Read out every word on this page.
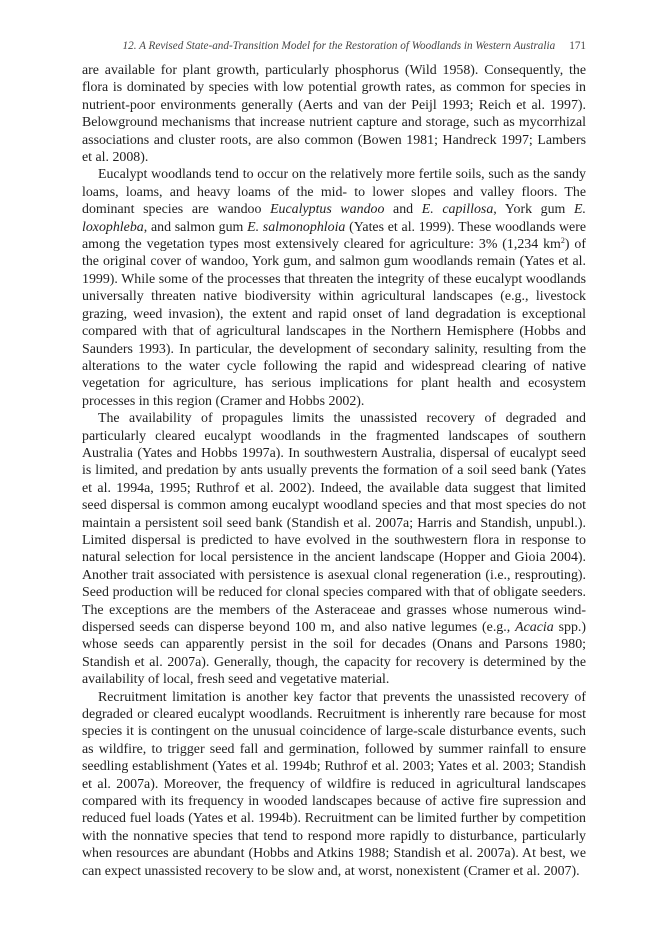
12. A Revised State-and-Transition Model for the Restoration of Woodlands in Western Australia 171

are available for plant growth, particularly phosphorus (Wild 1958). Consequently, the flora is dominated by species with low potential growth rates, as common for species in nutrient-poor environments generally (Aerts and van der Peijl 1993; Reich et al. 1997). Belowground mechanisms that increase nutrient capture and storage, such as mycorrhizal associations and cluster roots, are also common (Bowen 1981; Handreck 1997; Lambers et al. 2008).

Eucalypt woodlands tend to occur on the relatively more fertile soils, such as the sandy loams, loams, and heavy loams of the mid- to lower slopes and valley floors. The dominant species are wandoo Eucalyptus wandoo and E. capillosa, York gum E. loxophleba, and salmon gum E. salmonophloia (Yates et al. 1999). These woodlands were among the vegetation types most extensively cleared for agriculture: 3% (1,234 $km^2$) of the original cover of wandoo, York gum, and salmon gum woodlands remain (Yates et al. 1999). While some of the processes that threaten the integrity of these eucalypt woodlands universally threaten native biodiversity within agricultural landscapes (e.g., livestock grazing, weed invasion), the extent and rapid onset of land degradation is exceptional compared with that of agricultural landscapes in the Northern Hemisphere (Hobbs and Saunders 1993). In particular, the development of secondary salinity, resulting from the alterations to the water cycle following the rapid and widespread clearing of native vegetation for agriculture, has serious implications for plant health and ecosystem processes in this region (Cramer and Hobbs 2002).

The availability of propagules limits the unassisted recovery of degraded and particularly cleared eucalypt woodlands in the fragmented landscapes of southern Australia (Yates and Hobbs 1997a). In southwestern Australia, dispersal of eucalypt seed is limited, and predation by ants usually prevents the formation of a soil seed bank (Yates et al. 1994a, 1995; Ruthrof et al. 2002). Indeed, the available data suggest that limited seed dispersal is common among eucalypt woodland species and that most species do not maintain a persistent soil seed bank (Standish et al. 2007a; Harris and Standish, unpubl.). Limited dispersal is predicted to have evolved in the southwestern flora in response to natural selection for local persistence in the ancient landscape (Hopper and Gioia 2004). Another trait associated with persistence is asexual clonal regeneration (i.e., resprouting). Seed production will be reduced for clonal species compared with that of obligate seeders. The exceptions are the members of the Asteraceae and grasses whose numerous wind-dispersed seeds can disperse beyond 100 m, and also native legumes (e.g., Acacia spp.) whose seeds can apparently persist in the soil for decades (Onans and Parsons 1980; Standish et al. 2007a). Generally, though, the capacity for recovery is determined by the availability of local, fresh seed and vegetative material.

Recruitment limitation is another key factor that prevents the unassisted recovery of degraded or cleared eucalypt woodlands. Recruitment is inherently rare because for most species it is contingent on the unusual coincidence of large-scale disturbance events, such as wildfire, to trigger seed fall and germination, followed by summer rainfall to ensure seedling establishment (Yates et al. 1994b; Ruthrof et al. 2003; Yates et al. 2003; Standish et al. 2007a). Moreover, the frequency of wildfire is reduced in agricultural landscapes compared with its frequency in wooded landscapes because of active fire supression and reduced fuel loads (Yates et al. 1994b). Recruitment can be limited further by competition with the nonnative species that tend to respond more rapidly to disturbance, particularly when resources are abundant (Hobbs and Atkins 1988; Standish et al. 2007a). At best, we can expect unassisted recovery to be slow and, at worst, nonexistent (Cramer et al. 2007).
